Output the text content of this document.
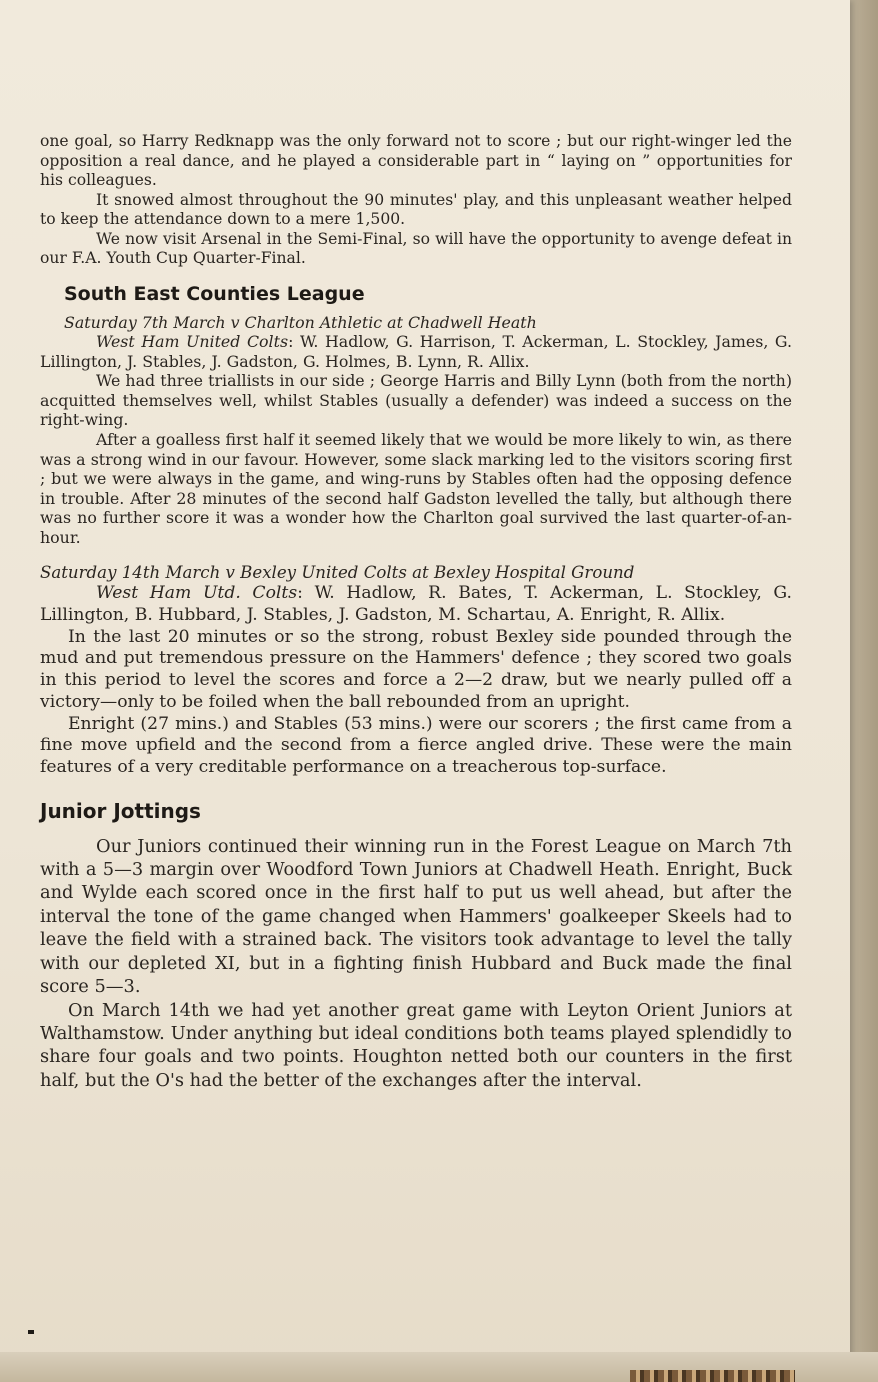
one goal, so Harry Redknapp was the only forward not to score ; but our right-winger led the opposition a real dance, and he played a considerable part in “ laying on ” opportunities for his colleagues.

It snowed almost throughout the 90 minutes' play, and this unpleasant weather helped to keep the attendance down to a mere 1,500.

We now visit Arsenal in the Semi-Final, so will have the opportunity to avenge defeat in our F.A. Youth Cup Quarter-Final.

South East Counties League
Saturday 7th March v Charlton Athletic at Chadwell Heath

West Ham United Colts: W. Hadlow, G. Harrison, T. Ackerman, L. Stockley, James, G. Lillington, J. Stables, J. Gadston, G. Holmes, B. Lynn, R. Allix.

We had three triallists in our side ; George Harris and Billy Lynn (both from the north) acquitted themselves well, whilst Stables (usually a defender) was indeed a success on the right-wing.

After a goalless first half it seemed likely that we would be more likely to win, as there was a strong wind in our favour. However, some slack marking led to the visitors scoring first ; but we were always in the game, and wing-runs by Stables often had the opposing defence in trouble. After 28 minutes of the second half Gadston levelled the tally, but although there was no further score it was a wonder how the Charlton goal survived the last quarter-of-an-hour.

Saturday 14th March v Bexley United Colts at Bexley Hospital Ground

West Ham Utd. Colts: W. Hadlow, R. Bates, T. Ackerman, L. Stockley, G. Lillington, B. Hubbard, J. Stables, J. Gadston, M. Schartau, A. Enright, R. Allix.

In the last 20 minutes or so the strong, robust Bexley side pounded through the mud and put tremendous pressure on the Hammers' defence ; they scored two goals in this period to level the scores and force a 2—2 draw, but we nearly pulled off a victory—only to be foiled when the ball rebounded from an upright.

Enright (27 mins.) and Stables (53 mins.) were our scorers ; the first came from a fine move upfield and the second from a fierce angled drive. These were the main features of a very creditable performance on a treacherous top-surface.

Junior Jottings

Our Juniors continued their winning run in the Forest League on March 7th with a 5—3 margin over Woodford Town Juniors at Chadwell Heath. Enright, Buck and Wylde each scored once in the first half to put us well ahead, but after the interval the tone of the game changed when Hammers' goalkeeper Skeels had to leave the field with a strained back. The visitors took advantage to level the tally with our depleted XI, but in a fighting finish Hubbard and Buck made the final score 5—3.

On March 14th we had yet another great game with Leyton Orient Juniors at Walthamstow. Under anything but ideal conditions both teams played splendidly to share four goals and two points. Houghton netted both our counters in the first half, but the O's had the better of the exchanges after the interval.
